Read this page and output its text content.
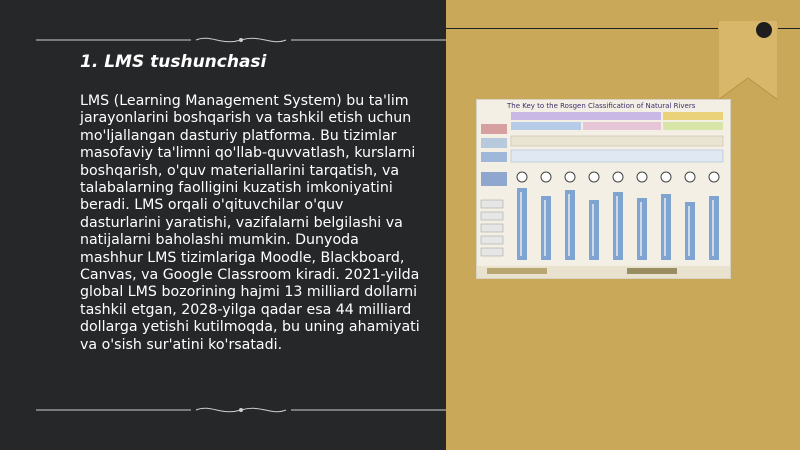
1. LMS tushunchasi

LMS (Learning Management System) bu ta'lim jarayonlarini boshqarish va tashkil etish uchun mo'ljallangan dasturiy platforma. Bu tizimlar masofaviy ta'limni qo'llab-quvvatlash, kurslarni boshqarish, o'quv materiallarini tarqatish, va talabalarning faolligini kuzatish imkoniyatini beradi. LMS orqali o'qituvchilar o'quv dasturlarini yaratishi, vazifalarni belgilashi va natijalarni baholashi mumkin. Dunyoda mashhur LMS tizimlariga Moodle, Blackboard, Canvas, va Google Classroom kiradi. 2021-yilda global LMS bozorining hajmi 13 milliard dollarni tashkil etgan, 2028-yilga qadar esa 44 milliard dollarga yetishi kutilmoqda, bu uning ahamiyati va o'sish sur'atini ko'rsatadi.

The Key to the Rosgen Classification of Natural Rivers
